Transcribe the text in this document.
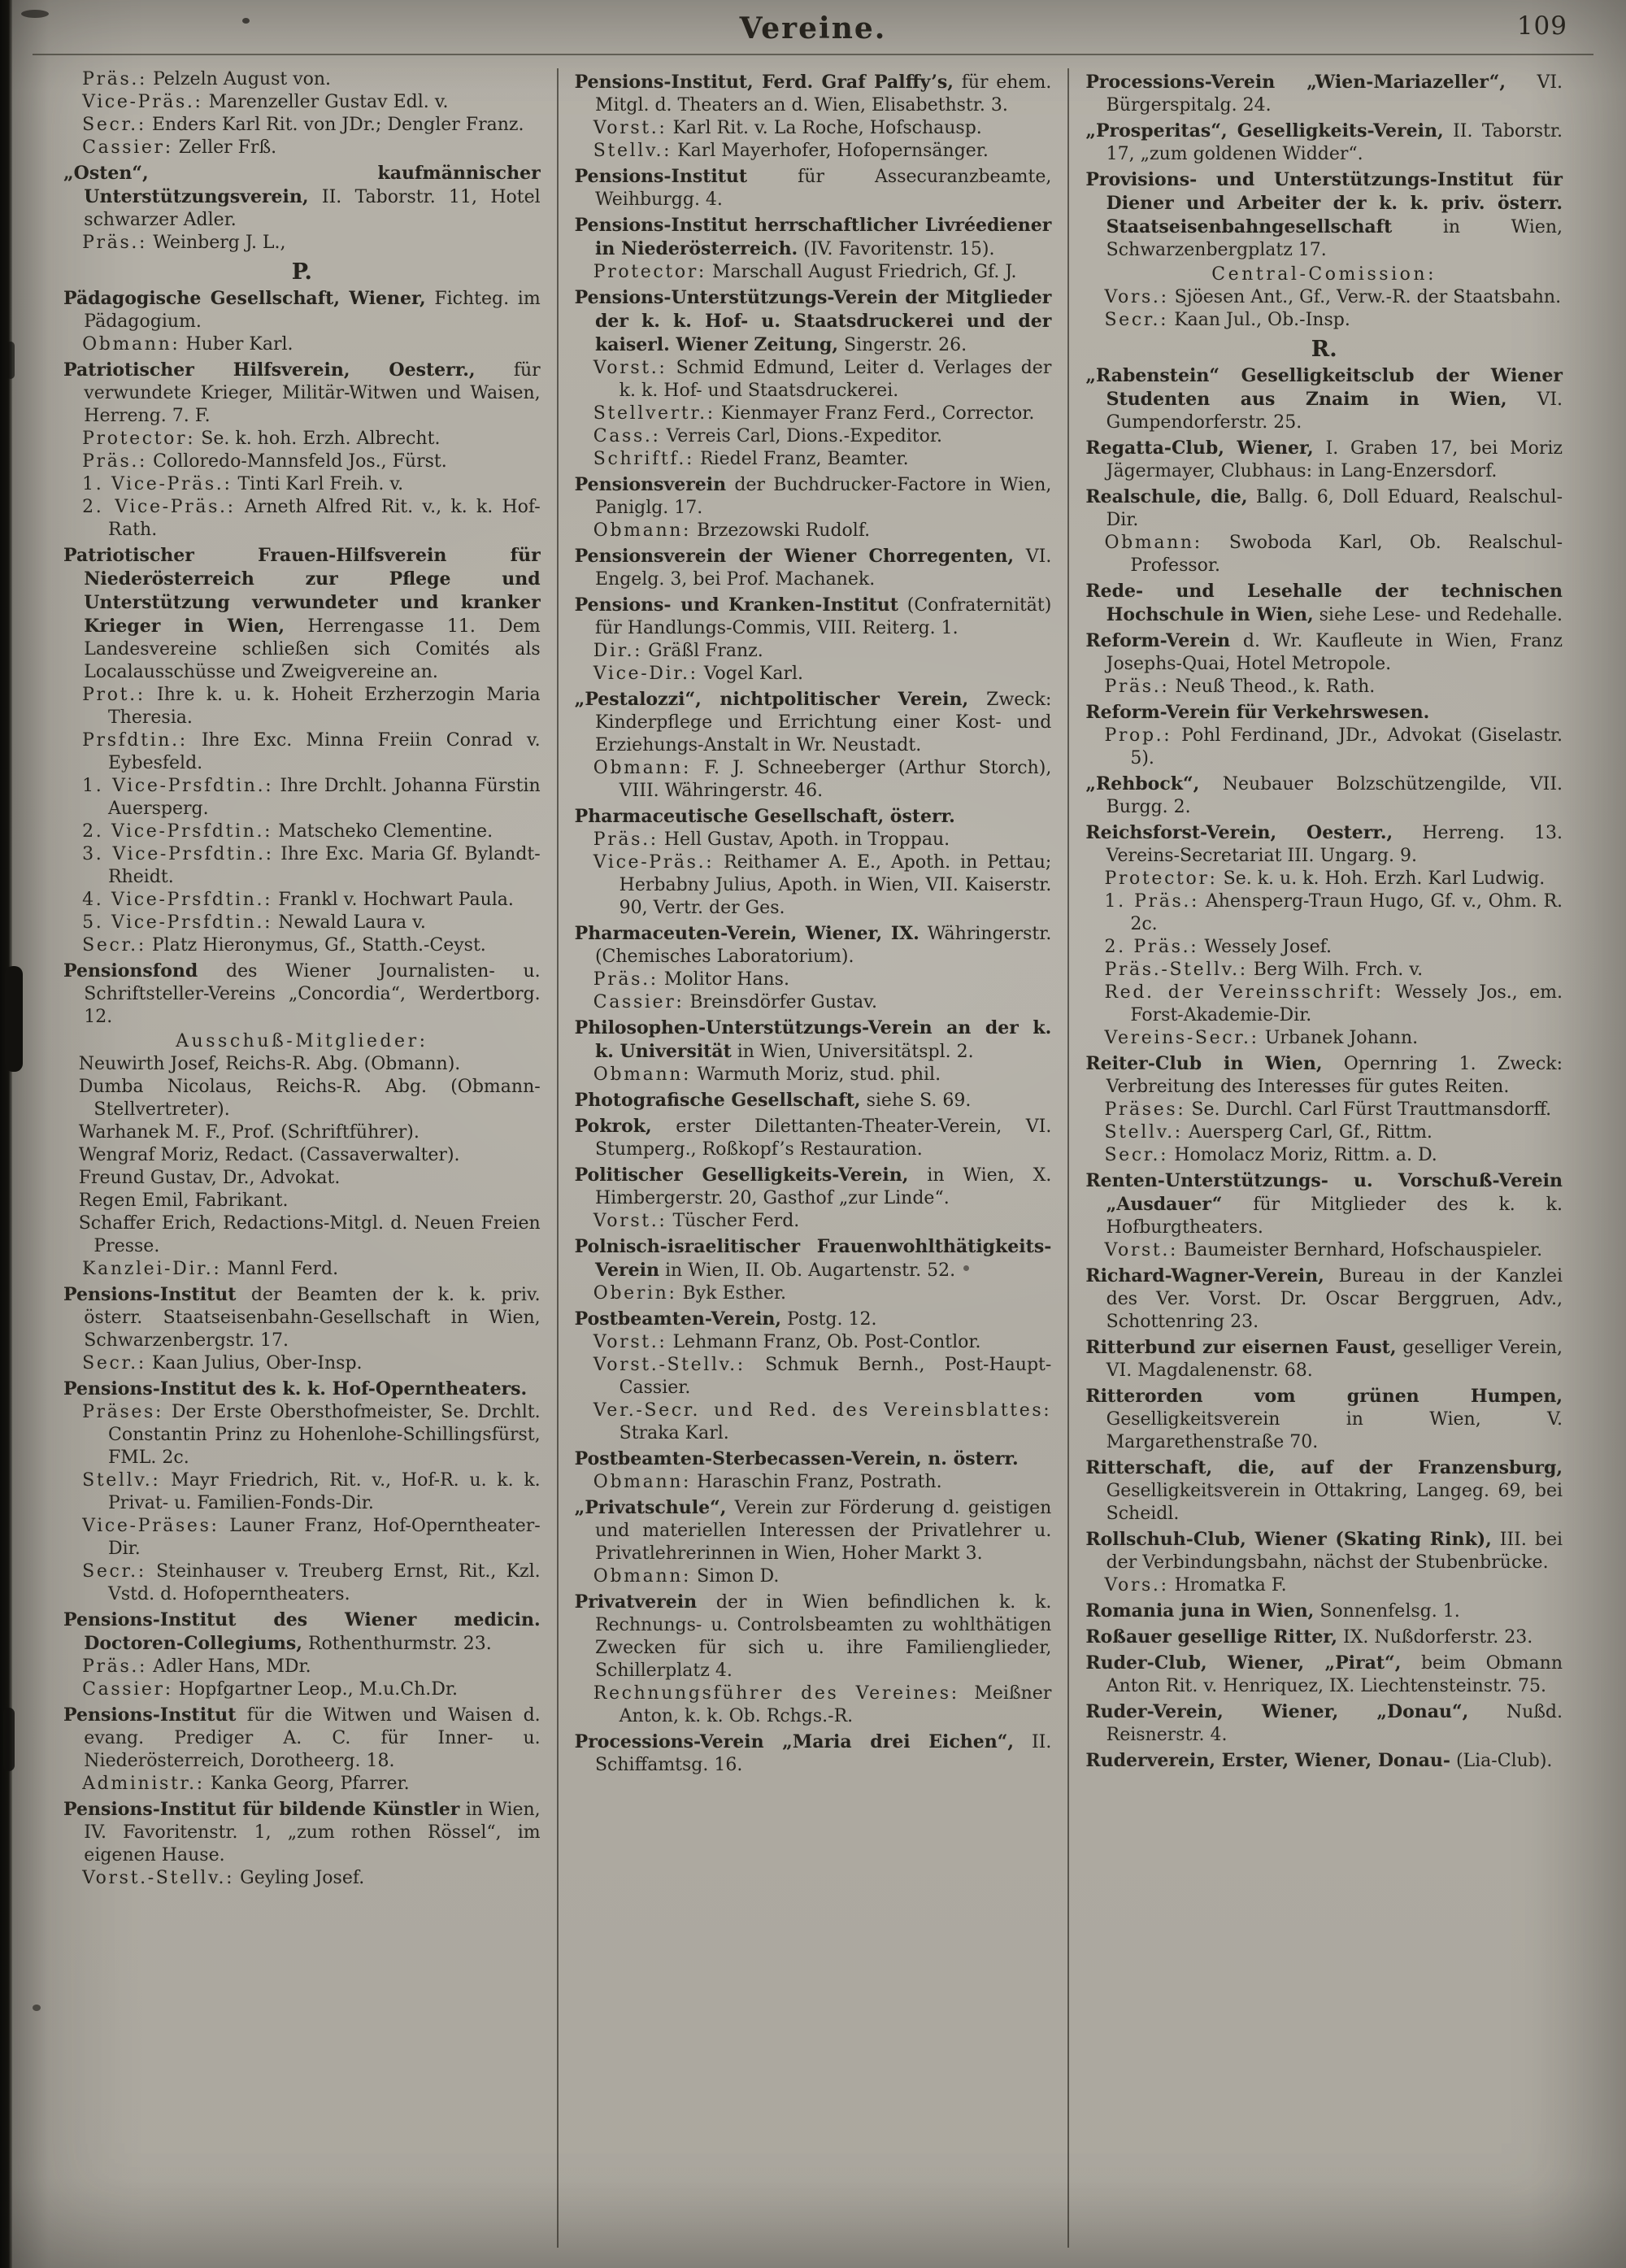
Vereine.	109

Präs.: Pelzeln August von.

Vice-Präs.: Marenzeller Gustav Edl. v.

Secr.: Enders Karl Rit. von JDr.; Dengler Franz.

Cassier: Zeller Frß.

„Osten“, kaufmännischer Unterstützungsverein, II. Taborstr. 11, Hotel schwarzer Adler.

Präs.: Weinberg J. L.,

P.

Pädagogische Gesellschaft, Wiener, Fichteg. im Pädagogium.

Obmann: Huber Karl.

Patriotischer Hilfsverein, Oesterr., für verwundete Krieger, Militär-Witwen und Waisen, Herreng. 7. F.

Protector: Se. k. hoh. Erzh. Albrecht.

Präs.: Colloredo-Mannsfeld Jos., Fürst.

1. Vice-Präs.: Tinti Karl Freih. v.

2. Vice-Präs.: Arneth Alfred Rit. v., k. k. Hof-Rath.

Patriotischer Frauen-Hilfsverein für Niederösterreich zur Pflege und Unterstützung verwundeter und kranker Krieger in Wien, Herrengasse 11. Dem Landesvereine schließen sich Comités als Localausschüsse und Zweigvereine an.

Prot.: Ihre k. u. k. Hoheit Erzherzogin Maria Theresia.

Prsfdtin.: Ihre Exc. Minna Freiin Conrad v. Eybesfeld.

1. Vice-Prsfdtin.: Ihre Drchlt. Johanna Fürstin Auersperg.

2. Vice-Prsfdtin.: Matscheko Clementine.

3. Vice-Prsfdtin.: Ihre Exc. Maria Gf. Bylandt-Rheidt.

4. Vice-Prsfdtin.: Frankl v. Hochwart Paula.

5. Vice-Prsfdtin.: Newald Laura v.

Secr.: Platz Hieronymus, Gf., Statth.-Ceyst.

Pensionsfond des Wiener Journalisten- u. Schriftsteller-Vereins „Concordia“, Werdertborg. 12.

Ausschuß-Mitglieder:

Neuwirth Josef, Reichs-R. Abg. (Obmann).

Dumba Nicolaus, Reichs-R. Abg. (Obmann-Stellvertreter).

Warhanek M. F., Prof. (Schriftführer).

Wengraf Moriz, Redact. (Cassaverwalter).

Freund Gustav, Dr., Advokat.

Regen Emil, Fabrikant.

Schaffer Erich, Redactions-Mitgl. d. Neuen Freien Presse.

Kanzlei-Dir.: Mannl Ferd.

Pensions-Institut der Beamten der k. k. priv. österr. Staatseisenbahn-Gesellschaft in Wien, Schwarzenbergstr. 17.

Secr.: Kaan Julius, Ober-Insp.

Pensions-Institut des k. k. Hof-Operntheaters.

Präses: Der Erste Obersthofmeister, Se. Drchlt. Constantin Prinz zu Hohenlohe-Schillingsfürst, FML. 2c.

Stellv.: Mayr Friedrich, Rit. v., Hof-R. u. k. k. Privat- u. Familien-Fonds-Dir.

Vice-Präses: Launer Franz, Hof-Operntheater-Dir.

Secr.: Steinhauser v. Treuberg Ernst, Rit., Kzl. Vstd. d. Hofoperntheaters.

Pensions-Institut des Wiener medicin. Doctoren-Collegiums, Rothenthurmstr. 23.

Präs.: Adler Hans, MDr.

Cassier: Hopfgartner Leop., M.u.Ch.Dr.

Pensions-Institut für die Witwen und Waisen d. evang. Prediger A. C. für Inner- u. Niederösterreich, Dorotheerg. 18.

Administr.: Kanka Georg, Pfarrer.

Pensions-Institut für bildende Künstler in Wien, IV. Favoritenstr. 1, „zum rothen Rössel“, im eigenen Hause.

Vorst.-Stellv.: Geyling Josef.

Pensions-Institut, Ferd. Graf Palffy’s, für ehem. Mitgl. d. Theaters an d. Wien, Elisabethstr. 3.

Vorst.: Karl Rit. v. La Roche, Hofschausp.

Stellv.: Karl Mayerhofer, Hofopernsänger.

Pensions-Institut	für Assecuranzbeamte, Weihburgg. 4.

Pensions-Institut herrschaftlicher Livréediener in Niederösterreich. (IV. Favoritenstr. 15).

Protector: Marschall August Friedrich, Gf. J.

Pensions-Unterstützungs-Verein der Mitglieder der k. k. Hof- u. Staatsdruckerei und der kaiserl. Wiener Zeitung, Singerstr. 26.

Vorst.: Schmid Edmund, Leiter d. Verlages der k. k. Hof- und Staatsdruckerei.

Stellvertr.: Kienmayer Franz Ferd., Corrector.

Cass.: Verreis Carl, Dions.-Expeditor.

Schriftf.: Riedel Franz, Beamter.

Pensionsverein der Buchdrucker-Factore in Wien, Paniglg. 17.

Obmann: Brzezowski Rudolf.

Pensionsverein der Wiener Chorregenten, VI. Engelg. 3, bei Prof. Machanek.

Pensions- und Kranken-Institut (Confraternität) für Handlungs-Commis, VIII. Reiterg. 1.

Dir.: Gräßl Franz.

Vice-Dir.: Vogel Karl.

„Pestalozzi“, nichtpolitischer Verein, Zweck: Kinderpflege und Errichtung einer Kost- und Erziehungs-Anstalt in Wr. Neustadt.

Obmann: F. J. Schneeberger (Arthur Storch), VIII. Währingerstr. 46.

Pharmaceutische Gesellschaft, österr.

Präs.: Hell Gustav, Apoth. in Troppau.

Vice-Präs.: Reithamer A. E., Apoth. in Pettau; Herbabny Julius, Apoth. in Wien, VII. Kaiserstr. 90, Vertr. der Ges.

Pharmaceuten-Verein, Wiener, IX. Währingerstr. (Chemisches Laboratorium).

Präs.: Molitor Hans.

Cassier: Breinsdörfer Gustav.

Philosophen-Unterstützungs-Verein an der k. k. Universität in Wien, Universitätspl. 2.

Obmann: Warmuth Moriz, stud. phil.

Photografische Gesellschaft, siehe S. 69.

Pokrok, erster Dilettanten-Theater-Verein, VI. Stumperg., Roßkopf’s Restauration.

Politischer Geselligkeits-Verein, in Wien, X. Himbergerstr. 20, Gasthof „zur Linde“.

Vorst.: Tüscher Ferd.

Polnisch-israelitischer Frauenwohlthätigkeits-Verein in Wien, II. Ob. Augartenstr. 52.

Oberin: Byk Esther.

Postbeamten-Verein, Postg. 12.

Vorst.: Lehmann Franz, Ob. Post-Contlor.

Vorst.-Stellv.: Schmuk Bernh., Post-Haupt-Cassier.

Ver.-Secr. und Red. des Vereinsblattes: Straka Karl.

Postbeamten-Sterbecassen-Verein, n. österr.

Obmann: Haraschin Franz, Postrath.

„Privatschule“, Verein zur Förderung d. geistigen und materiellen Interessen der Privatlehrer u. Privatlehrerinnen in Wien, Hoher Markt 3.

Obmann: Simon D.

Privatverein der in Wien befindlichen k. k. Rechnungs- u. Controlsbeamten zu wohlthätigen Zwecken für sich u. ihre Familienglieder, Schillerplatz 4.

Rechnungsführer des Vereines: Meißner Anton, k. k. Ob. Rchgs.-R.

Processions-Verein „Maria drei Eichen“, II. Schiffamtsg. 16.

Processions-Verein „Wien-Mariazeller“, VI. Bürgerspitalg. 24.

„Prosperitas“, Geselligkeits-Verein, II. Taborstr. 17, „zum goldenen Widder“.

Provisions- und Unterstützungs-Institut für Diener und Arbeiter der k. k. priv. österr. Staatseisenbahngesellschaft	in Wien, Schwarzenbergplatz 17.

Central-Comission:

Vors.: Sjöesen Ant., Gf., Verw.-R. der Staatsbahn.

Secr.: Kaan Jul., Ob.-Insp.

R.

„Rabenstein“ Geselligkeitsclub der Wiener Studenten aus Znaim in Wien, VI. Gumpendorferstr. 25.

Regatta-Club, Wiener, I. Graben 17, bei Moriz Jägermayer, Clubhaus: in Lang-Enzersdorf.

Realschule, die, Ballg. 6, Doll Eduard, Realschul-Dir.

Obmann: Swoboda Karl, Ob. Realschul-Professor.

Rede- und Lesehalle der technischen Hochschule in Wien, siehe Lese- und Redehalle.

Reform-Verein d. Wr. Kaufleute in Wien, Franz Josephs-Quai, Hotel Metropole.

Präs.: Neuß Theod., k. Rath.

Reform-Verein für Verkehrswesen.

Prop.: Pohl Ferdinand, JDr., Advokat (Giselastr. 5).

„Rehbock“, Neubauer Bolzschützengilde, VII. Burgg. 2.

Reichsforst-Verein, Oesterr., Herreng. 13. Vereins-Secretariat III. Ungarg. 9.

Protector: Se. k. u. k. Hoh. Erzh. Karl Ludwig.

1. Präs.: Ahensperg-Traun Hugo, Gf. v., Ohm. R. 2c.

2. Präs.: Wessely Josef.

Präs.-Stellv.: Berg Wilh. Frch. v.

Red. der Vereinsschrift: Wessely Jos., em. Forst-Akademie-Dir.

Vereins-Secr.: Urbanek Johann.

Reiter-Club in Wien, Opernring 1. Zweck: Verbreitung des Interesses für gutes Reiten.

Präses: Se. Durchl. Carl Fürst Trauttmansdorff.

Stellv.: Auersperg Carl, Gf., Rittm.

Secr.: Homolacz Moriz, Rittm. a. D.

Renten-Unterstützungs- u. Vorschuß-Verein „Ausdauer“ für Mitglieder des k. k. Hofburgtheaters.

Vorst.: Baumeister Bernhard, Hofschauspieler.

Richard-Wagner-Verein, Bureau in der Kanzlei des Ver. Vorst. Dr. Oscar Berggruen, Adv., Schottenring 23.

Ritterbund zur eisernen Faust, geselliger Verein, VI. Magdalenenstr. 68.

Ritterorden vom grünen Humpen, Geselligkeitsverein in Wien, V. Margarethenstraße 70.

Ritterschaft, die, auf der Franzensburg, Geselligkeitsverein in Ottakring, Langeg. 69, bei Scheidl.

Rollschuh-Club, Wiener (Skating Rink), III. bei der Verbindungsbahn, nächst der Stubenbrücke.

Vors.: Hromatka F.

Romania juna in Wien, Sonnenfelsg. 1.

Roßauer gesellige Ritter, IX. Nußdorferstr. 23.

Ruder-Club, Wiener, „Pirat“, beim Obmann Anton Rit. v. Henriquez, IX. Liechtensteinstr. 75.

Ruder-Verein, Wiener, „Donau“, Nußd. Reisnerstr. 4.

Ruderverein, Erster, Wiener, Donau- (Lia-Club).
